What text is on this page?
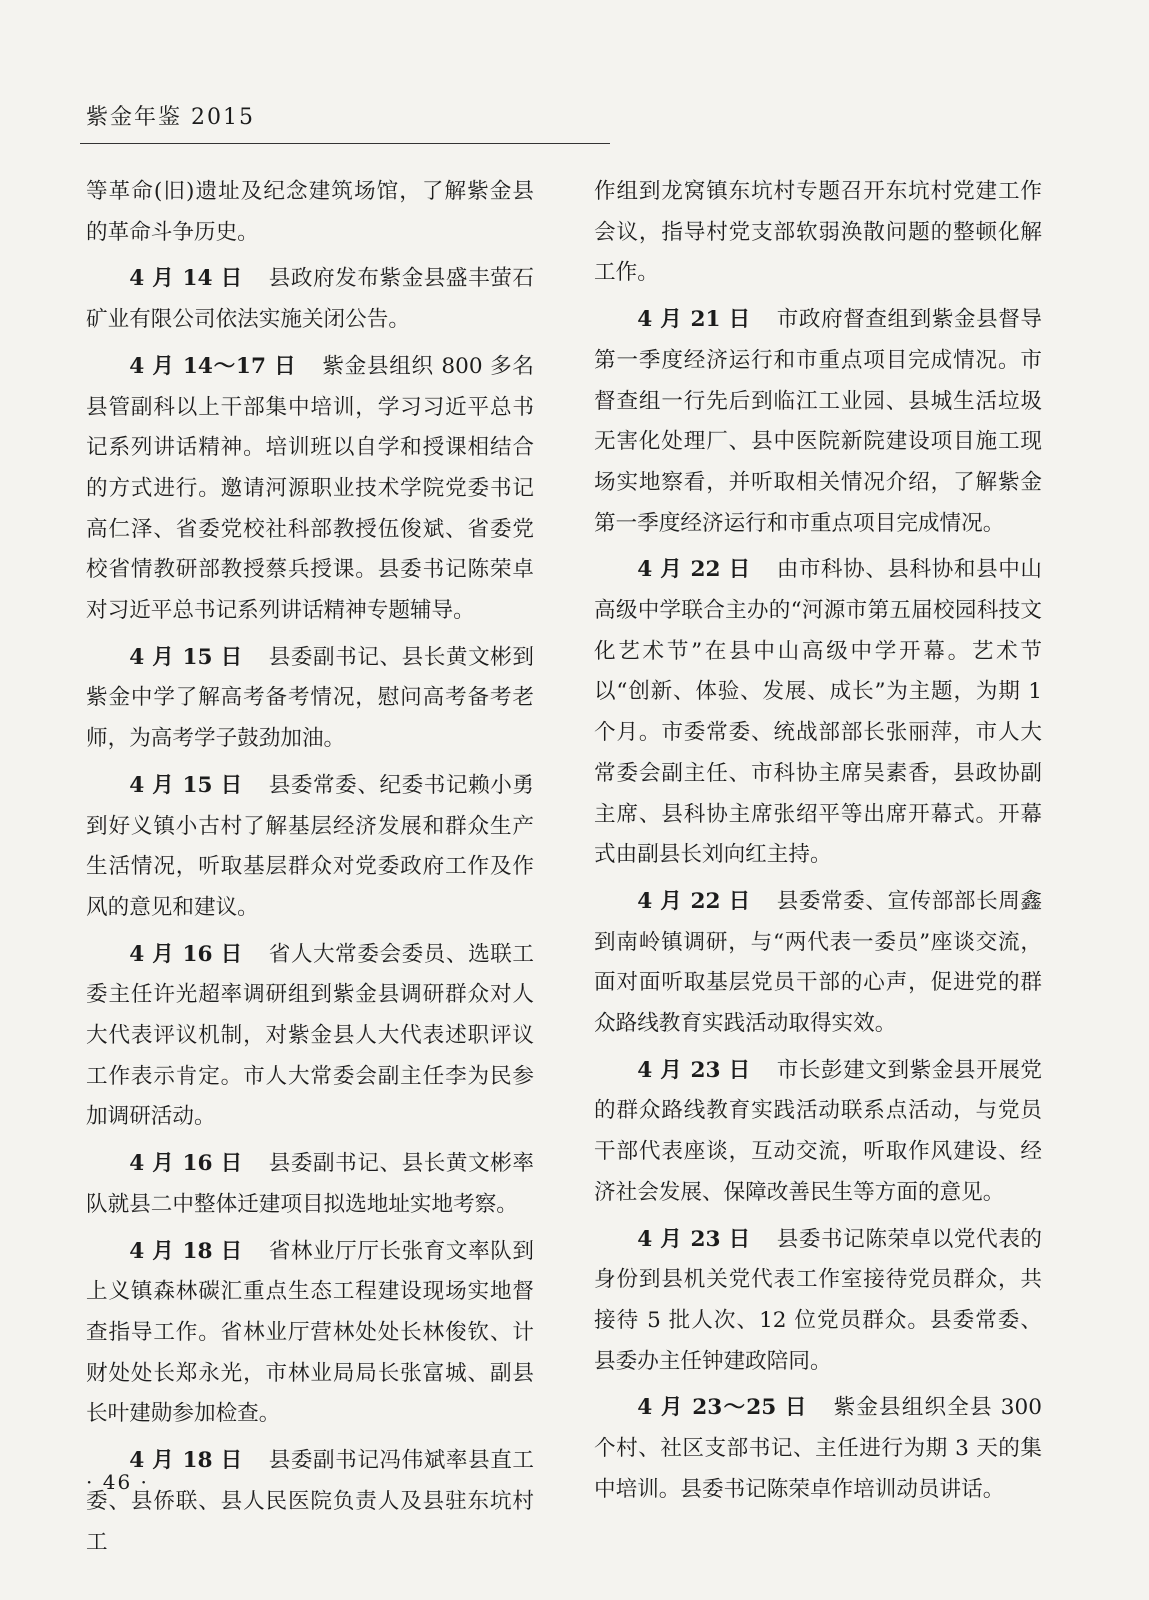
紫金年鉴 2015

等革命(旧)遗址及纪念建筑场馆，了解紫金县的革命斗争历史。

4 月 14 日 县政府发布紫金县盛丰萤石矿业有限公司依法实施关闭公告。

4 月 14～17 日 紫金县组织 800 多名县管副科以上干部集中培训，学习习近平总书记系列讲话精神。培训班以自学和授课相结合的方式进行。邀请河源职业技术学院党委书记高仁泽、省委党校社科部教授伍俊斌、省委党校省情教研部教授蔡兵授课。县委书记陈荣卓对习近平总书记系列讲话精神专题辅导。

4 月 15 日 县委副书记、县长黄文彬到紫金中学了解高考备考情况，慰问高考备考老师，为高考学子鼓劲加油。

4 月 15 日 县委常委、纪委书记赖小勇到好义镇小古村了解基层经济发展和群众生产生活情况，听取基层群众对党委政府工作及作风的意见和建议。

4 月 16 日 省人大常委会委员、选联工委主任许光超率调研组到紫金县调研群众对人大代表评议机制，对紫金县人大代表述职评议工作表示肯定。市人大常委会副主任李为民参加调研活动。

4 月 16 日 县委副书记、县长黄文彬率队就县二中整体迁建项目拟选地址实地考察。

4 月 18 日 省林业厅厅长张育文率队到上义镇森林碳汇重点生态工程建设现场实地督查指导工作。省林业厅营林处处长林俊钦、计财处处长郑永光，市林业局局长张富城、副县长叶建勋参加检查。

4 月 18 日 县委副书记冯伟斌率县直工委、县侨联、县人民医院负责人及县驻东坑村工

作组到龙窝镇东坑村专题召开东坑村党建工作会议，指导村党支部软弱涣散问题的整顿化解工作。

4 月 21 日 市政府督查组到紫金县督导第一季度经济运行和市重点项目完成情况。市督查组一行先后到临江工业园、县城生活垃圾无害化处理厂、县中医院新院建设项目施工现场实地察看，并听取相关情况介绍，了解紫金第一季度经济运行和市重点项目完成情况。

4 月 22 日 由市科协、县科协和县中山高级中学联合主办的“河源市第五届校园科技文化艺术节”在县中山高级中学开幕。艺术节以“创新、体验、发展、成长”为主题，为期 1 个月。市委常委、统战部部长张丽萍，市人大常委会副主任、市科协主席吴素香，县政协副主席、县科协主席张绍平等出席开幕式。开幕式由副县长刘向红主持。

4 月 22 日 县委常委、宣传部部长周鑫到南岭镇调研，与“两代表一委员”座谈交流，面对面听取基层党员干部的心声，促进党的群众路线教育实践活动取得实效。

4 月 23 日 市长彭建文到紫金县开展党的群众路线教育实践活动联系点活动，与党员干部代表座谈，互动交流，听取作风建设、经济社会发展、保障改善民生等方面的意见。

4 月 23 日 县委书记陈荣卓以党代表的身份到县机关党代表工作室接待党员群众，共接待 5 批人次、12 位党员群众。县委常委、县委办主任钟建政陪同。

4 月 23～25 日 紫金县组织全县 300 个村、社区支部书记、主任进行为期 3 天的集中培训。县委书记陈荣卓作培训动员讲话。

· 46 ·
